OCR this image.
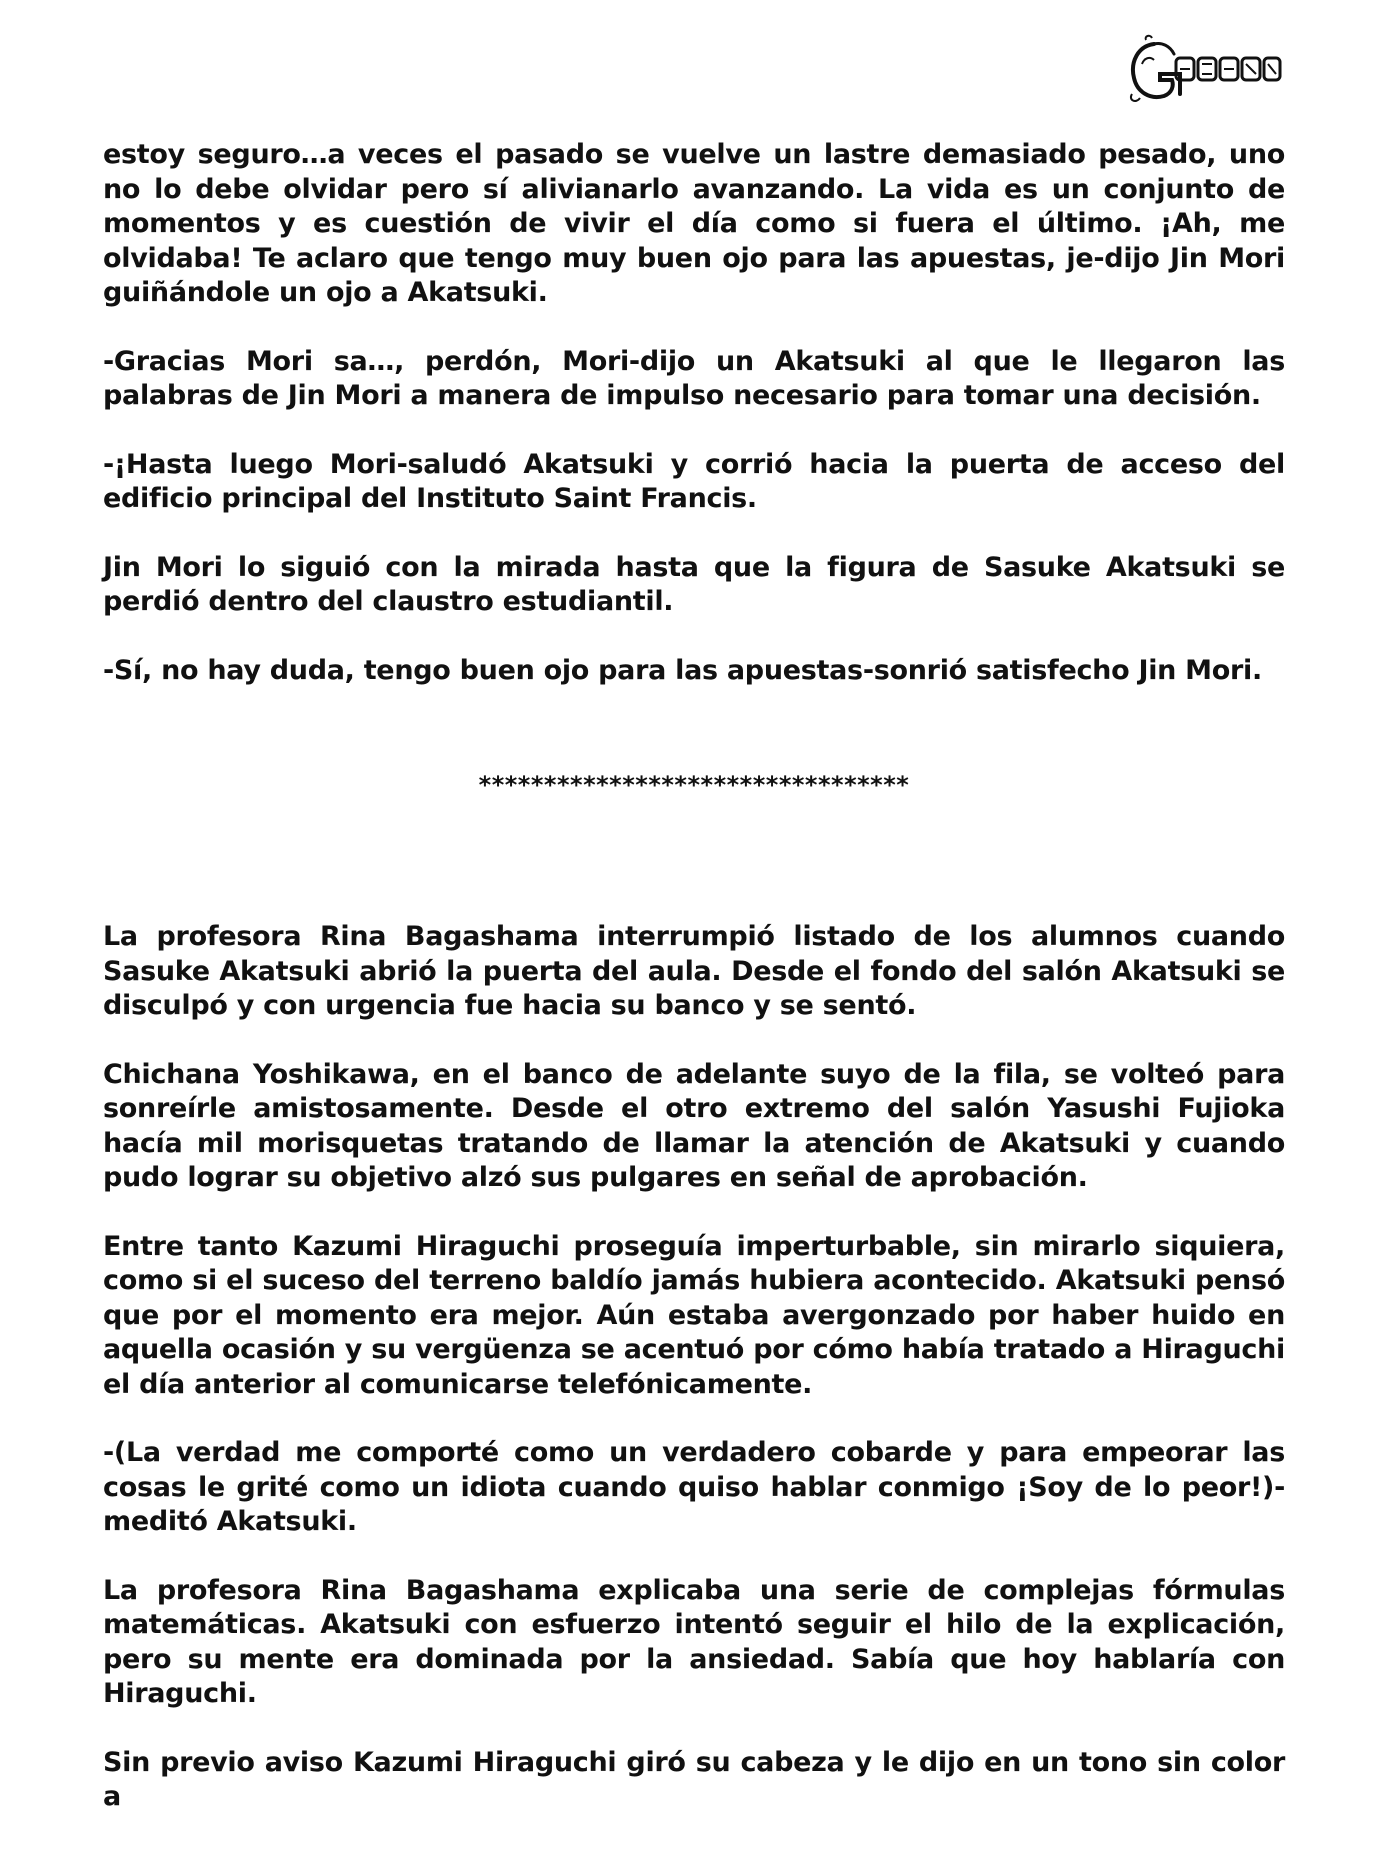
estoy seguro…a veces el pasado se vuelve un lastre demasiado pesado, uno no lo debe olvidar pero sí alivianarlo avanzando. La vida es un conjunto de momentos y es cuestión de vivir el día como si fuera el último. ¡Ah, me olvidaba! Te aclaro que tengo muy buen ojo para las apuestas, je-dijo Jin Mori guiñándole un ojo a Akatsuki.

-Gracias Mori sa…, perdón, Mori-dijo un Akatsuki al que le llegaron las palabras de Jin Mori a manera de impulso necesario para tomar una decisión.

-¡Hasta luego Mori-saludó Akatsuki y corrió hacia la puerta de acceso del edificio principal del Instituto Saint Francis.

Jin Mori lo siguió con la mirada hasta que la figura de Sasuke Akatsuki se perdió dentro del claustro estudiantil.

-Sí, no hay duda, tengo buen ojo para las apuestas-sonrió satisfecho Jin Mori.

*********************************

La profesora Rina Bagashama interrumpió listado de los alumnos cuando Sasuke Akatsuki abrió la puerta del aula. Desde el fondo del salón Akatsuki se disculpó y con urgencia fue hacia su banco y se sentó.

Chichana Yoshikawa, en el banco de adelante suyo de la fila, se volteó para sonreírle amistosamente. Desde el otro extremo del salón Yasushi Fujioka hacía mil morisquetas tratando de llamar la atención de Akatsuki y cuando pudo lograr su objetivo alzó sus pulgares en señal de aprobación.

Entre tanto Kazumi Hiraguchi proseguía imperturbable, sin mirarlo siquiera, como si el suceso del terreno baldío jamás hubiera acontecido. Akatsuki pensó que por el momento era mejor. Aún estaba avergonzado por haber huido en aquella ocasión y su vergüenza se acentuó por cómo había tratado a Hiraguchi el día anterior al comunicarse telefónicamente.

-(La verdad me comporté como un verdadero cobarde y para empeorar las cosas le grité como un idiota cuando quiso hablar conmigo ¡Soy de lo peor!)-meditó Akatsuki.

La profesora Rina Bagashama explicaba una serie de complejas fórmulas matemáticas. Akatsuki con esfuerzo intentó seguir el hilo de la explicación, pero su mente era dominada por la ansiedad. Sabía que hoy hablaría con Hiraguchi.

Sin previo aviso Kazumi Hiraguchi giró su cabeza y le dijo en un tono sin color a
